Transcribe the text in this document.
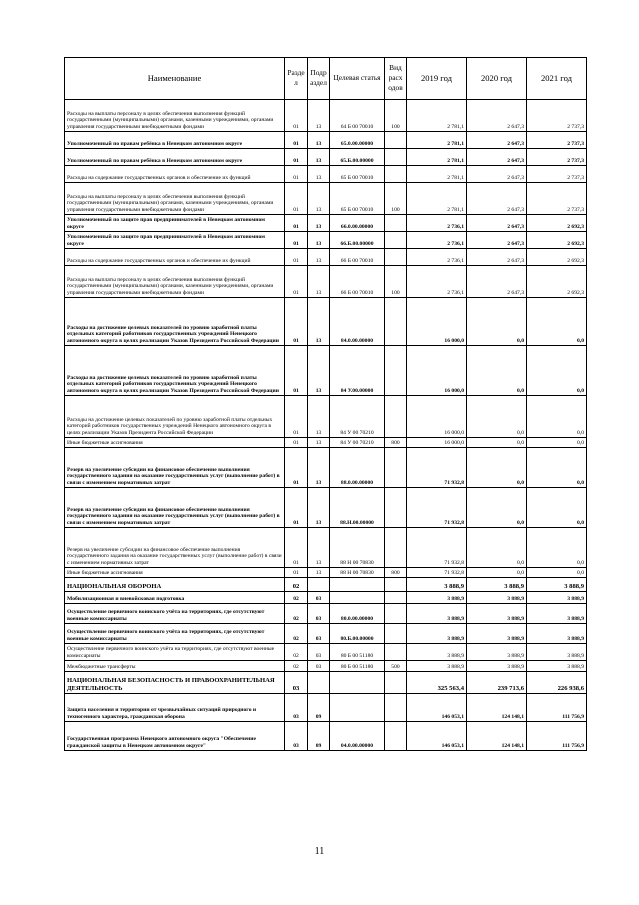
Наименование	Разде л	Подр аздел	Целевая статья	Вид расх одов	2019 год	2020 год	2021 год
Расходы на выплаты персоналу в целях обеспечения выполнения функций государственными (муниципальными) органами, казенными учреждениями, органами управления государственными внебюджетными фондами	01	13	64 Б 00 70010	100	2 781,1	2 647,3	2 737,3
Уполномоченный по правам ребёнка в Ненецком автономном округе	01	13	65.0.00.00000		2 781,1	2 647,3	2 737,3
Уполномоченный по правам ребёнка в Ненецком автономном округе	01	13	65.Б.00.00000		2 781,1	2 647,3	2 737,3
Расходы на содержание государственных органов и обеспечение их функций	01	13	65 Б 00 70010		2 781,1	2 647,3	2 737,3
Расходы на выплаты персоналу в целях обеспечения выполнения функций государственными (муниципальными) органами, казенными учреждениями, органами управления государственными внебюджетными фондами	01	13	65 Б 00 70010	100	2 781,1	2 647,3	2 737,3
Уполномоченный по защите прав предпринимателей в Ненецком автономном округе	01	13	66.0.00.00000		2 736,1	2 647,3	2 692,3
Уполномоченный по защите прав предпринимателей в Ненецком автономном округе	01	13	66.Б.00.00000		2 736,1	2 647,3	2 692,3
Расходы на содержание государственных органов и обеспечение их функций	01	13	66 Б 00 70010		2 736,1	2 647,3	2 692,3
Расходы на выплаты персоналу в целях обеспечения выполнения функций государственными (муниципальными) органами, казенными учреждениями, органами управления государственными внебюджетными фондами	01	13	66 Б 00 70010	100	2 736,1	2 647,3	2 692,3
Расходы на достижение целевых показателей по уровню заработной платы отдельных категорий работников государственных учреждений Ненецкого автономного округа в целях реализации Указов Президента Российской Федерации	01	13	84.0.00.00000		16 000,0	0,0	0,0
Расходы на достижение целевых показателей по уровню заработной платы отдельных категорий работников государственных учреждений Ненецкого автономного округа в целях реализации Указов Президента Российской Федерации	01	13	84 У.00.00000		16 000,0	0,0	0,0
Расходы на достижение целевых показателей по уровню заработной платы отдельных категорий работников государственных учреждений Ненецкого автономного округа в целях реализации Указов Президента Российской Федерации	01	13	84 У 00 70210		16 000,0	0,0	0,0
Иные бюджетные ассигнования	01	13	84 У 00 70210	800	16 000,0	0,0	0,0
Резерв на увеличение субсидии на финансовое обеспечение выполнения государственного задания на оказание государственных услуг (выполнение работ) в связи с изменением нормативных затрат	01	13	88.0.00.00000		71 932,8	0,0	0,0
Резерв на увеличение субсидии на финансовое обеспечение выполнения государственного задания на оказание государственных услуг (выполнение работ) в связи с изменением нормативных затрат	01	13	88.Н.00.00000		71 932,8	0,0	0,0
Резерв на увеличение субсидии на финансовое обеспечение выполнения государственного задания на оказание государственных услуг (выполнение работ) в связи с изменением нормативных затрат	01	13	88 Н 00 70830		71 932,8	0,0	0,0
Иные бюджетные ассигнования	01	13	88 Н 00 70830	800	71 932,8	0,0	0,0
НАЦИОНАЛЬНАЯ ОБОРОНА	02				3 888,9	3 888,9	3 888,9
Мобилизационная и вневойсковая подготовка	02	03			3 888,9	3 888,9	3 888,9
Осуществление первичного воинского учёта на территориях, где отсутствуют военные комиссариаты	02	03	80.0.00.00000		3 888,9	3 888,9	3 888,9
Осуществление первичного воинского учёта на территориях, где отсутствуют военные комиссариаты	02	03	80.Б.00.00000		3 888,9	3 888,9	3 888,9
Осуществление первичного воинского учёта на территориях, где отсутствуют военные комиссариаты	02	03	80 Б 00 51180		3 888,9	3 888,9	3 888,9
Межбюджетные трансферты	02	03	80 Б 00 51180	500	3 888,9	3 888,9	3 888,9
НАЦИОНАЛЬНАЯ БЕЗОПАСНОСТЬ И ПРАВООХРАНИТЕЛЬНАЯ ДЕЯТЕЛЬНОСТЬ	03				325 563,4	239 713,6	226 938,6
Защита населения и территории от чрезвычайных ситуаций природного и техногенного характера, гражданская оборона	03	09			146 053,1	124 148,1	111 756,9
Государственная программа Ненецкого автономного округа "Обеспечение гражданской защиты в Ненецком автономном округе"	03	09	04.0.00.00000		146 053,1	124 148,1	111 756,9
11
